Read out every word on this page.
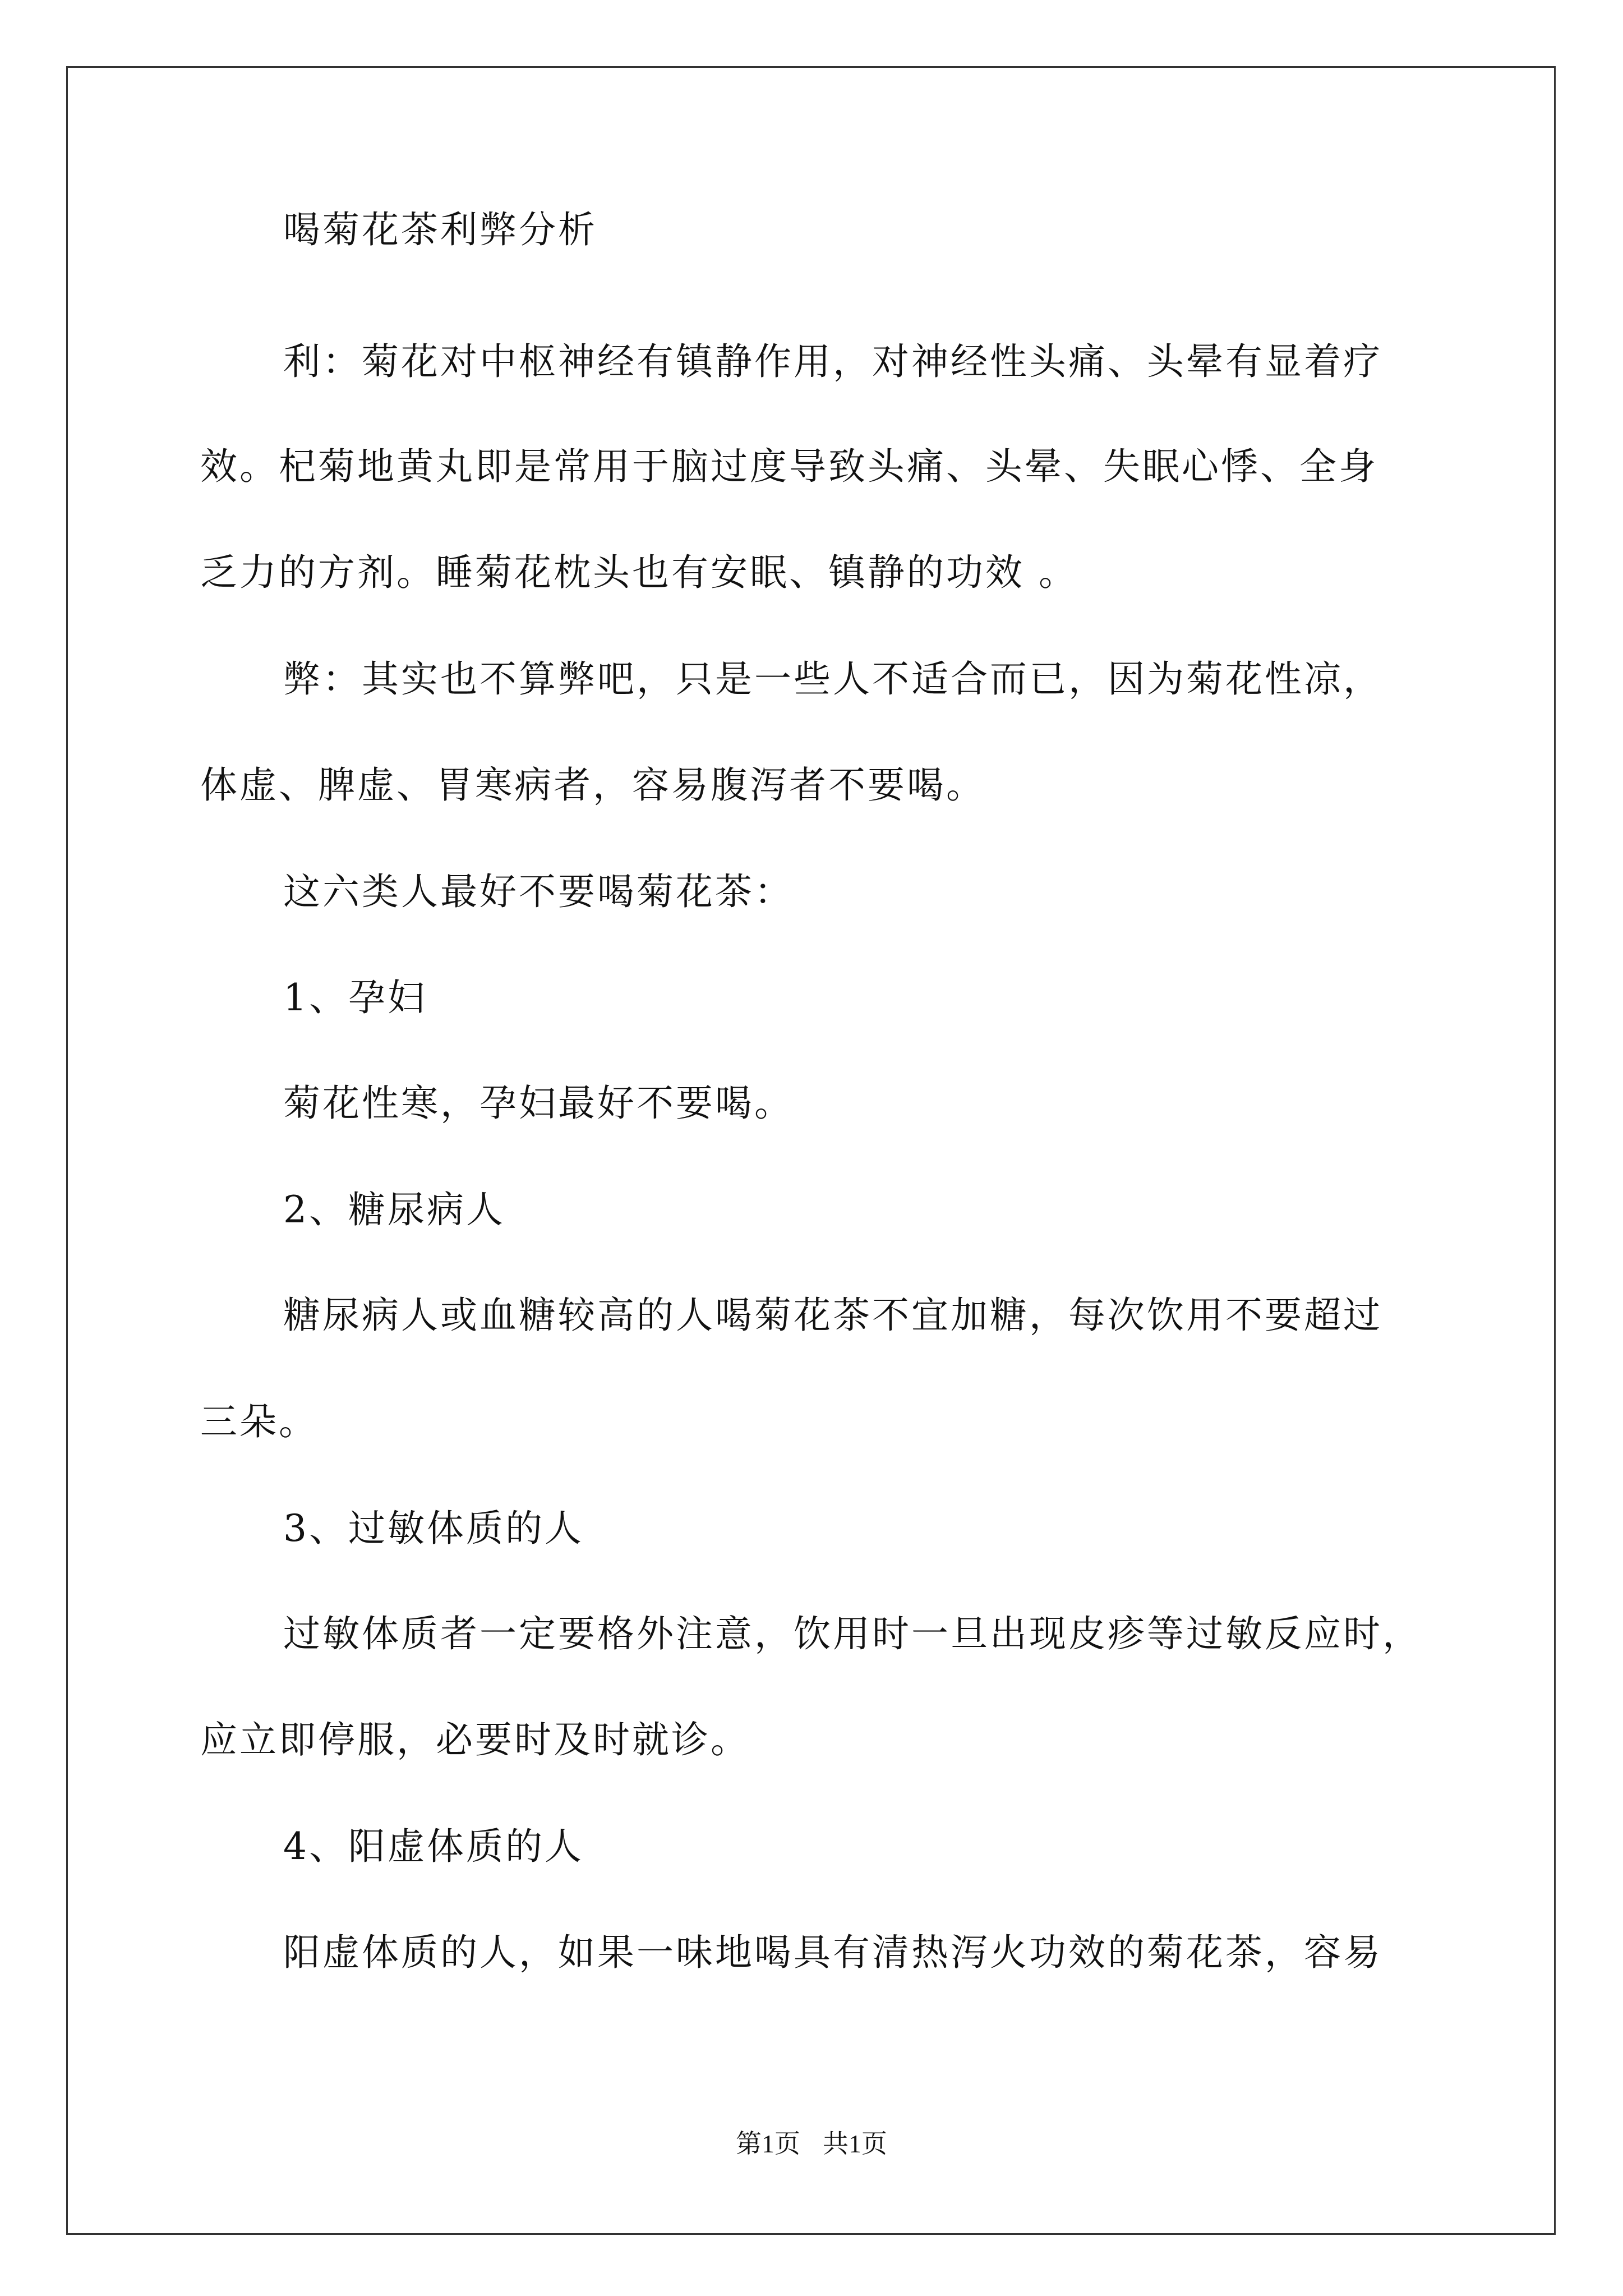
喝菊花茶利弊分析
利：菊花对中枢神经有镇静作用，对神经性头痛、头晕有显着疗
效。杞菊地黄丸即是常用于脑过度导致头痛、头晕、失眠心悸、全身
乏力的方剂。睡菊花枕头也有安眠、镇静的功效 。
弊：其实也不算弊吧，只是一些人不适合而已，因为菊花性凉，
体虚、脾虚、胃寒病者，容易腹泻者不要喝。
这六类人最好不要喝菊花茶：
1、孕妇
菊花性寒，孕妇最好不要喝。
2、糖尿病人
糖尿病人或血糖较高的人喝菊花茶不宜加糖，每次饮用不要超过
三朵。
3、过敏体质的人
过敏体质者一定要格外注意，饮用时一旦出现皮疹等过敏反应时，
应立即停服，必要时及时就诊。
4、阳虚体质的人
阳虚体质的人，如果一味地喝具有清热泻火功效的菊花茶，容易
第1页 共1页
